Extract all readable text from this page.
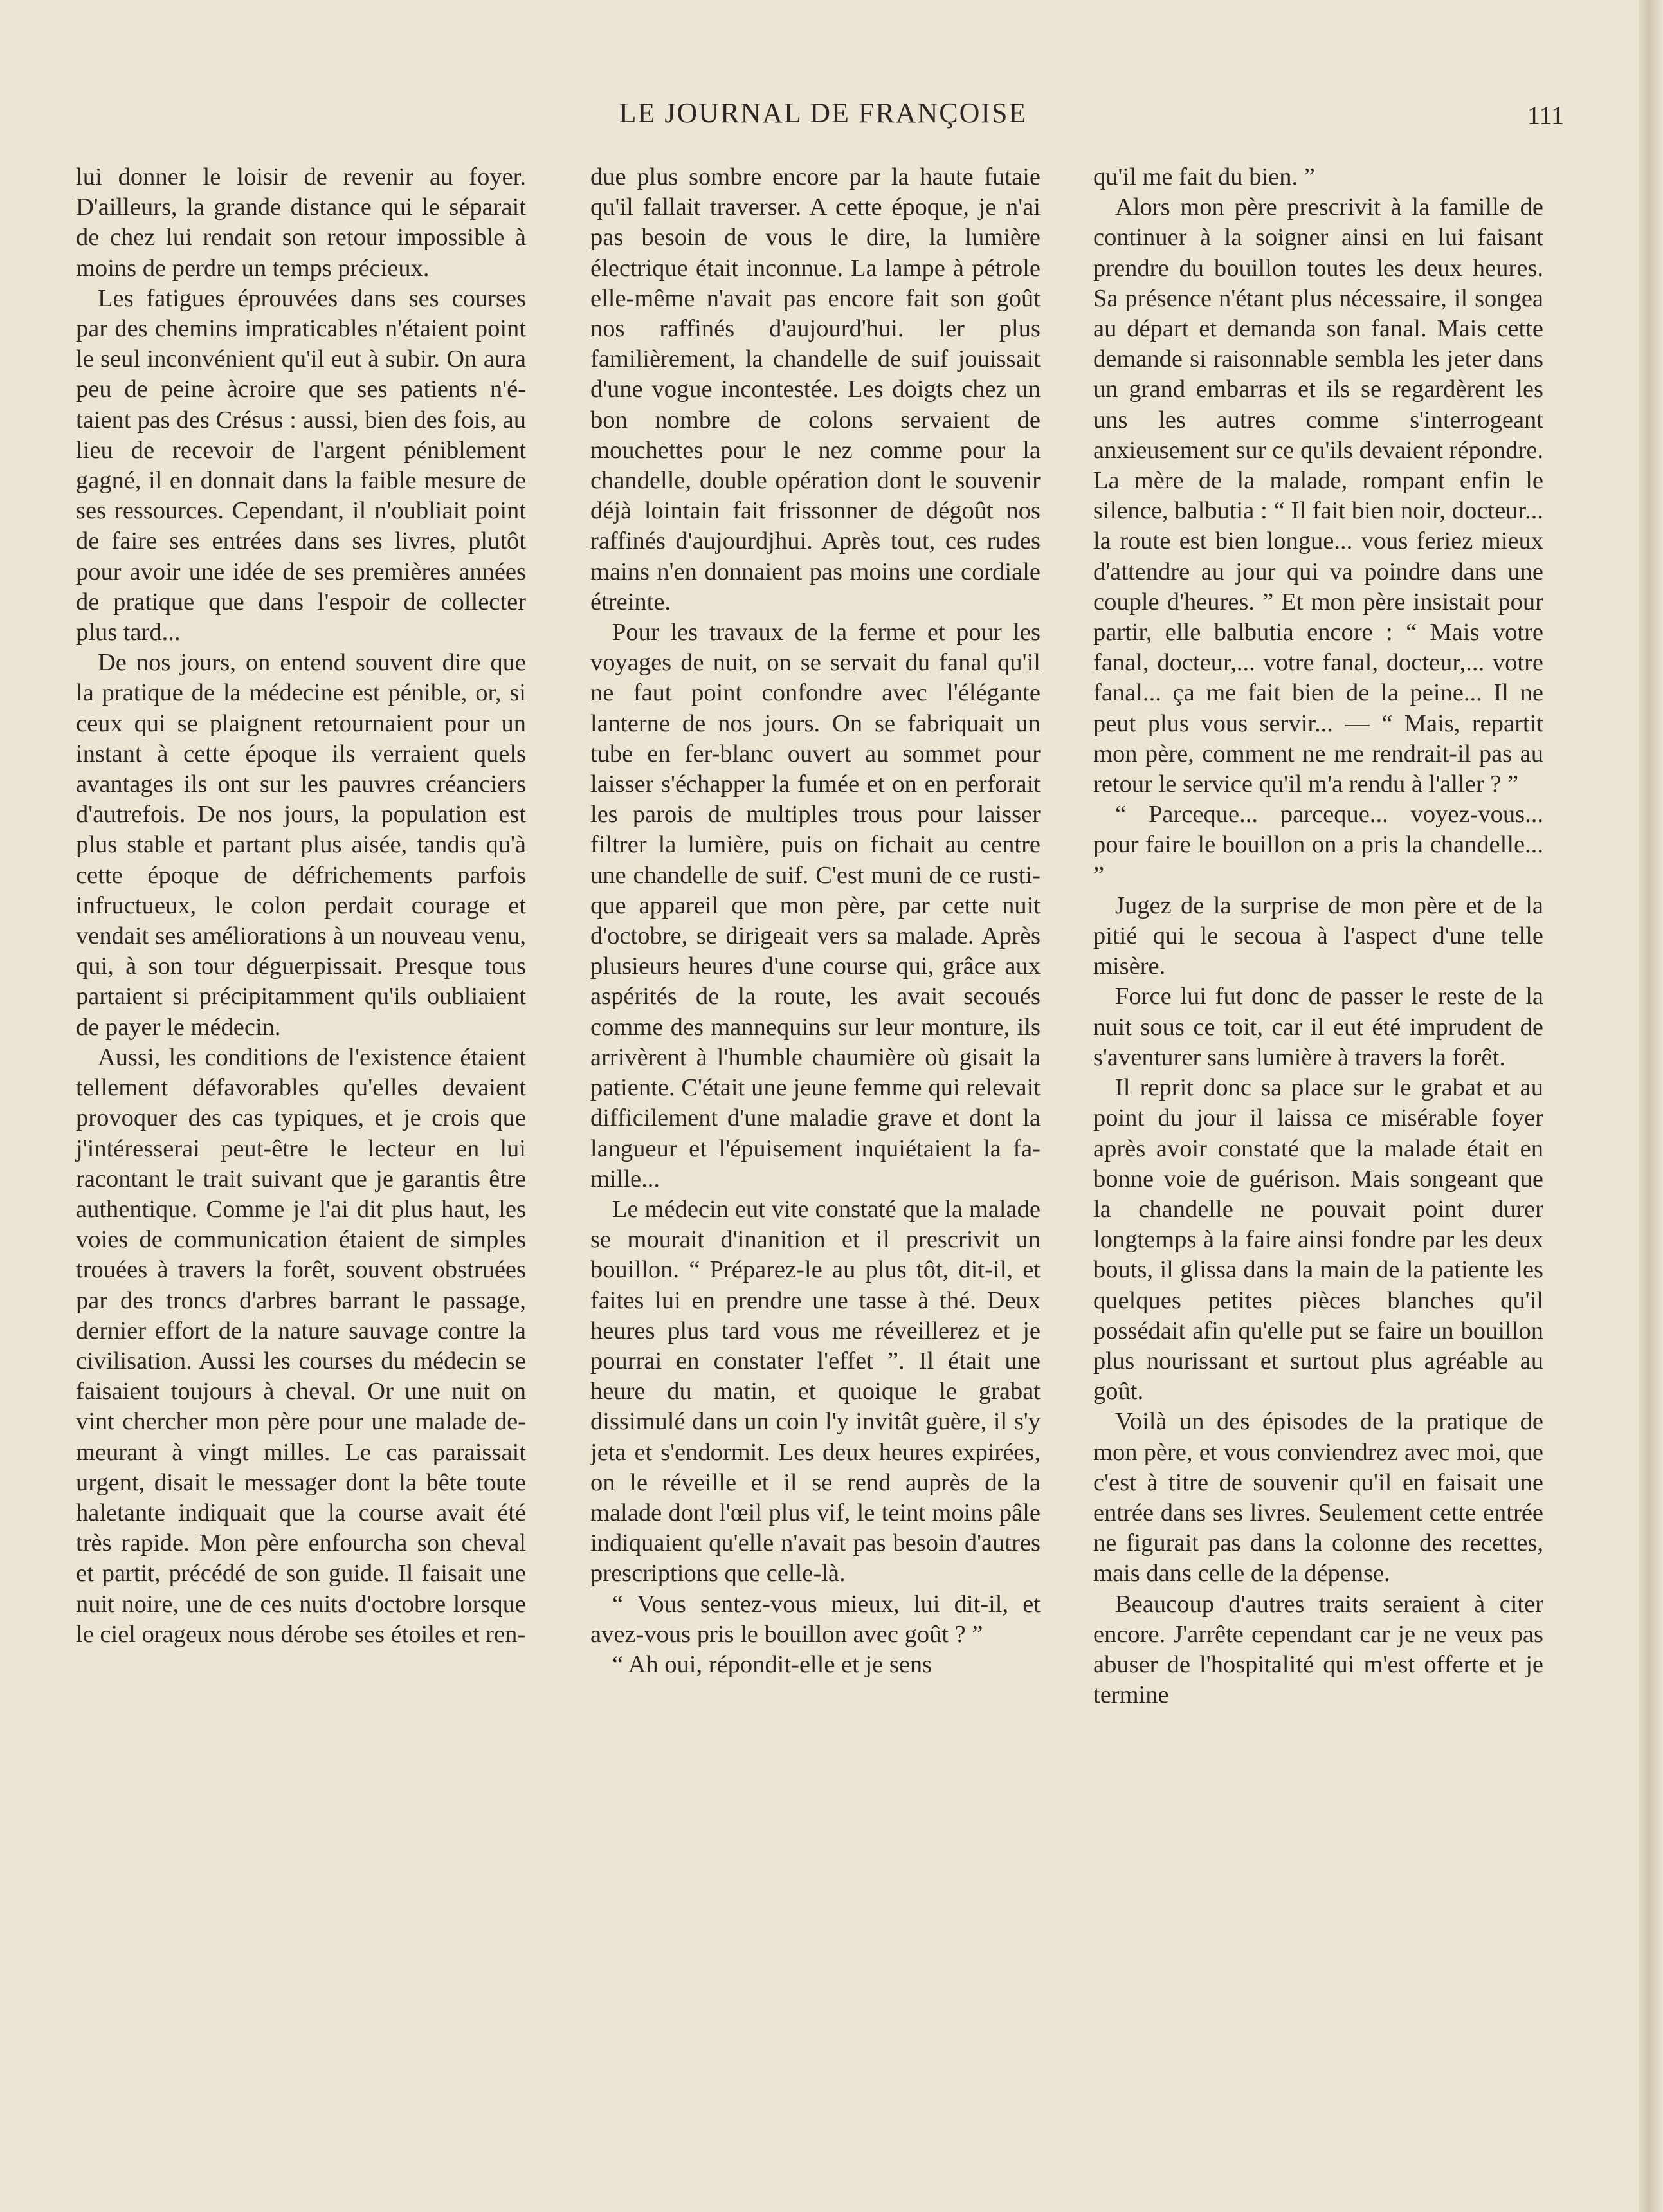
LE JOURNAL DE FRANÇOISE	111

lui donner le loisir de revenir au foyer. D'ailleurs, la grande distance qui le séparait de chez lui rendait son retour impossible à moins de perdre un temps précieux.

Les fatigues éprouvées dans ses courses par des chemins impraticables n'étaient point le seul inconvénient qu'il eut à subir. On aura peu de peine àcroire que ses patients n'étaient pas des Crésus : aussi, bien des fois, au lieu de recevoir de l'argent péniblement gagné, il en donnait dans la faible mesure de ses ressources. Cependant, il n'oubliait point de faire ses entrées dans ses livres, plutôt pour avoir une idée de ses premières années de pratique que dans l'espoir de collecter plus tard...

De nos jours, on entend souvent dire que la pratique de la médecine est pénible, or, si ceux qui se plaignent retournaient pour un instant à cette époque ils verraient quels avantages ils ont sur les pauvres créanciers d'autrefois. De nos jours, la population est plus stable et partant plus aisée, tandis qu'à cette époque de défrichements parfois infructueux, le colon perdait courage et vendait ses améliorations à un nouveau venu, qui, à son tour déguerpissait. Presque tous partaient si précipitamment qu'ils oubliaient de payer le médecin.

Aussi, les conditions de l'existence étaient tellement défavorables qu'elles devaient provoquer des cas typiques, et je crois que j'intéresserai peut-être le lecteur en lui racontant le trait suivant que je garantis être authentique. Comme je l'ai dit plus haut, les voies de communication étaient de simples trouées à travers la forêt, souvent obstruées par des troncs d'arbres barrant le passage, dernier effort de la nature sauvage contre la civilisation. Aussi les courses du médecin se faisaient toujours à cheval. Or une nuit on vint chercher mon père pour une malade demeurant à vingt milles. Le cas paraissait urgent, disait le messager dont la bête toute haletante indiquait que la course avait été très rapide. Mon père enfourcha son cheval et partit, précédé de son guide. Il faisait une nuit noire, une de ces nuits d'octobre lorsque le ciel orageux nous dérobe ses étoiles et ren-

due plus sombre encore par la haute futaie qu'il fallait traverser. A cette époque, je n'ai pas besoin de vous le dire, la lumière électrique était inconnue. La lampe à pétrole elle-même n'avait pas encore fait son goût nos raffinés d'aujourd'hui. ler plus familièrement, la chandelle de suif jouissait d'une vogue incontestée. Les doigts chez un bon nombre de colons servaient de mouchettes pour le nez comme pour la chandelle, double opération dont le souvenir déjà lointain fait frissonner de dégoût nos raffinés d'aujourdjhui. Après tout, ces rudes mains n'en donnaient pas moins une cordiale étreinte.

Pour les travaux de la ferme et pour les voyages de nuit, on se servait du fanal qu'il ne faut point confondre avec l'élégante lanterne de nos jours. On se fabriquait un tube en fer-blanc ouvert au sommet pour laisser s'échapper la fumée et on en perforait les parois de multiples trous pour laisser filtrer la lumière, puis on fichait au centre une chandelle de suif. C'est muni de ce rustique appareil que mon père, par cette nuit d'octobre, se dirigeait vers sa malade. Après plusieurs heures d'une course qui, grâce aux aspérités de la route, les avait secoués comme des mannequins sur leur monture, ils arrivèrent à l'humble chaumière où gisait la patiente. C'était une jeune femme qui relevait difficilement d'une maladie grave et dont la langueur et l'épuisement inquiétaient la famille...

Le médecin eut vite constaté que la malade se mourait d'inanition et il prescrivit un bouillon. “ Préparez-le au plus tôt, dit-il, et faites lui en prendre une tasse à thé. Deux heures plus tard vous me réveillerez et je pourrai en constater l'effet ”. Il était une heure du matin, et quoique le grabat dissimulé dans un coin l'y invitât guère, il s'y jeta et s'endormit. Les deux heures expirées, on le réveille et il se rend auprès de la malade dont l'œil plus vif, le teint moins pâle indiquaient qu'elle n'avait pas besoin d'autres prescriptions que celle-là.

“ Vous sentez-vous mieux, lui dit-il, et avez-vous pris le bouillon avec goût ? ”

“ Ah oui, répondit-elle et je sens

qu'il me fait du bien. ”

Alors mon père prescrivit à la famille de continuer à la soigner ainsi en lui faisant prendre du bouillon toutes les deux heures. Sa présence n'étant plus nécessaire, il songea au départ et demanda son fanal. Mais cette demande si raisonnable sembla les jeter dans un grand embarras et ils se regardèrent les uns les autres comme s'interrogeant anxieusement sur ce qu'ils devaient répondre. La mère de la malade, rompant enfin le silence, balbutia : “ Il fait bien noir, docteur... la route est bien longue... vous feriez mieux d'attendre au jour qui va poindre dans une couple d'heures. ” Et mon père insistait pour partir, elle balbutia encore : “ Mais votre fanal, docteur,... votre fanal, docteur,... votre fanal... ça me fait bien de la peine... Il ne peut plus vous servir... — “ Mais, repartit mon père, comment ne me rendrait-il pas au retour le service qu'il m'a rendu à l'aller ? ”

“ Parceque... parceque... voyez-vous... pour faire le bouillon on a pris la chandelle... ”

Jugez de la surprise de mon père et de la pitié qui le secoua à l'aspect d'une telle misère.

Force lui fut donc de passer le reste de la nuit sous ce toit, car il eut été imprudent de s'aventurer sans lumière à travers la forêt.

Il reprit donc sa place sur le grabat et au point du jour il laissa ce misérable foyer après avoir constaté que la malade était en bonne voie de guérison. Mais songeant que la chandelle ne pouvait point durer longtemps à la faire ainsi fondre par les deux bouts, il glissa dans la main de la patiente les quelques petites pièces blanches qu'il possédait afin qu'elle put se faire un bouillon plus nourissant et surtout plus agréable au goût.

Voilà un des épisodes de la pratique de mon père, et vous conviendrez avec moi, que c'est à titre de souvenir qu'il en faisait une entrée dans ses livres. Seulement cette entrée ne figurait pas dans la colonne des recettes, mais dans celle de la dépense.

Beaucoup d'autres traits seraient à citer encore. J'arrête cependant car je ne veux pas abuser de l'hospitalité qui m'est offerte et je termine
